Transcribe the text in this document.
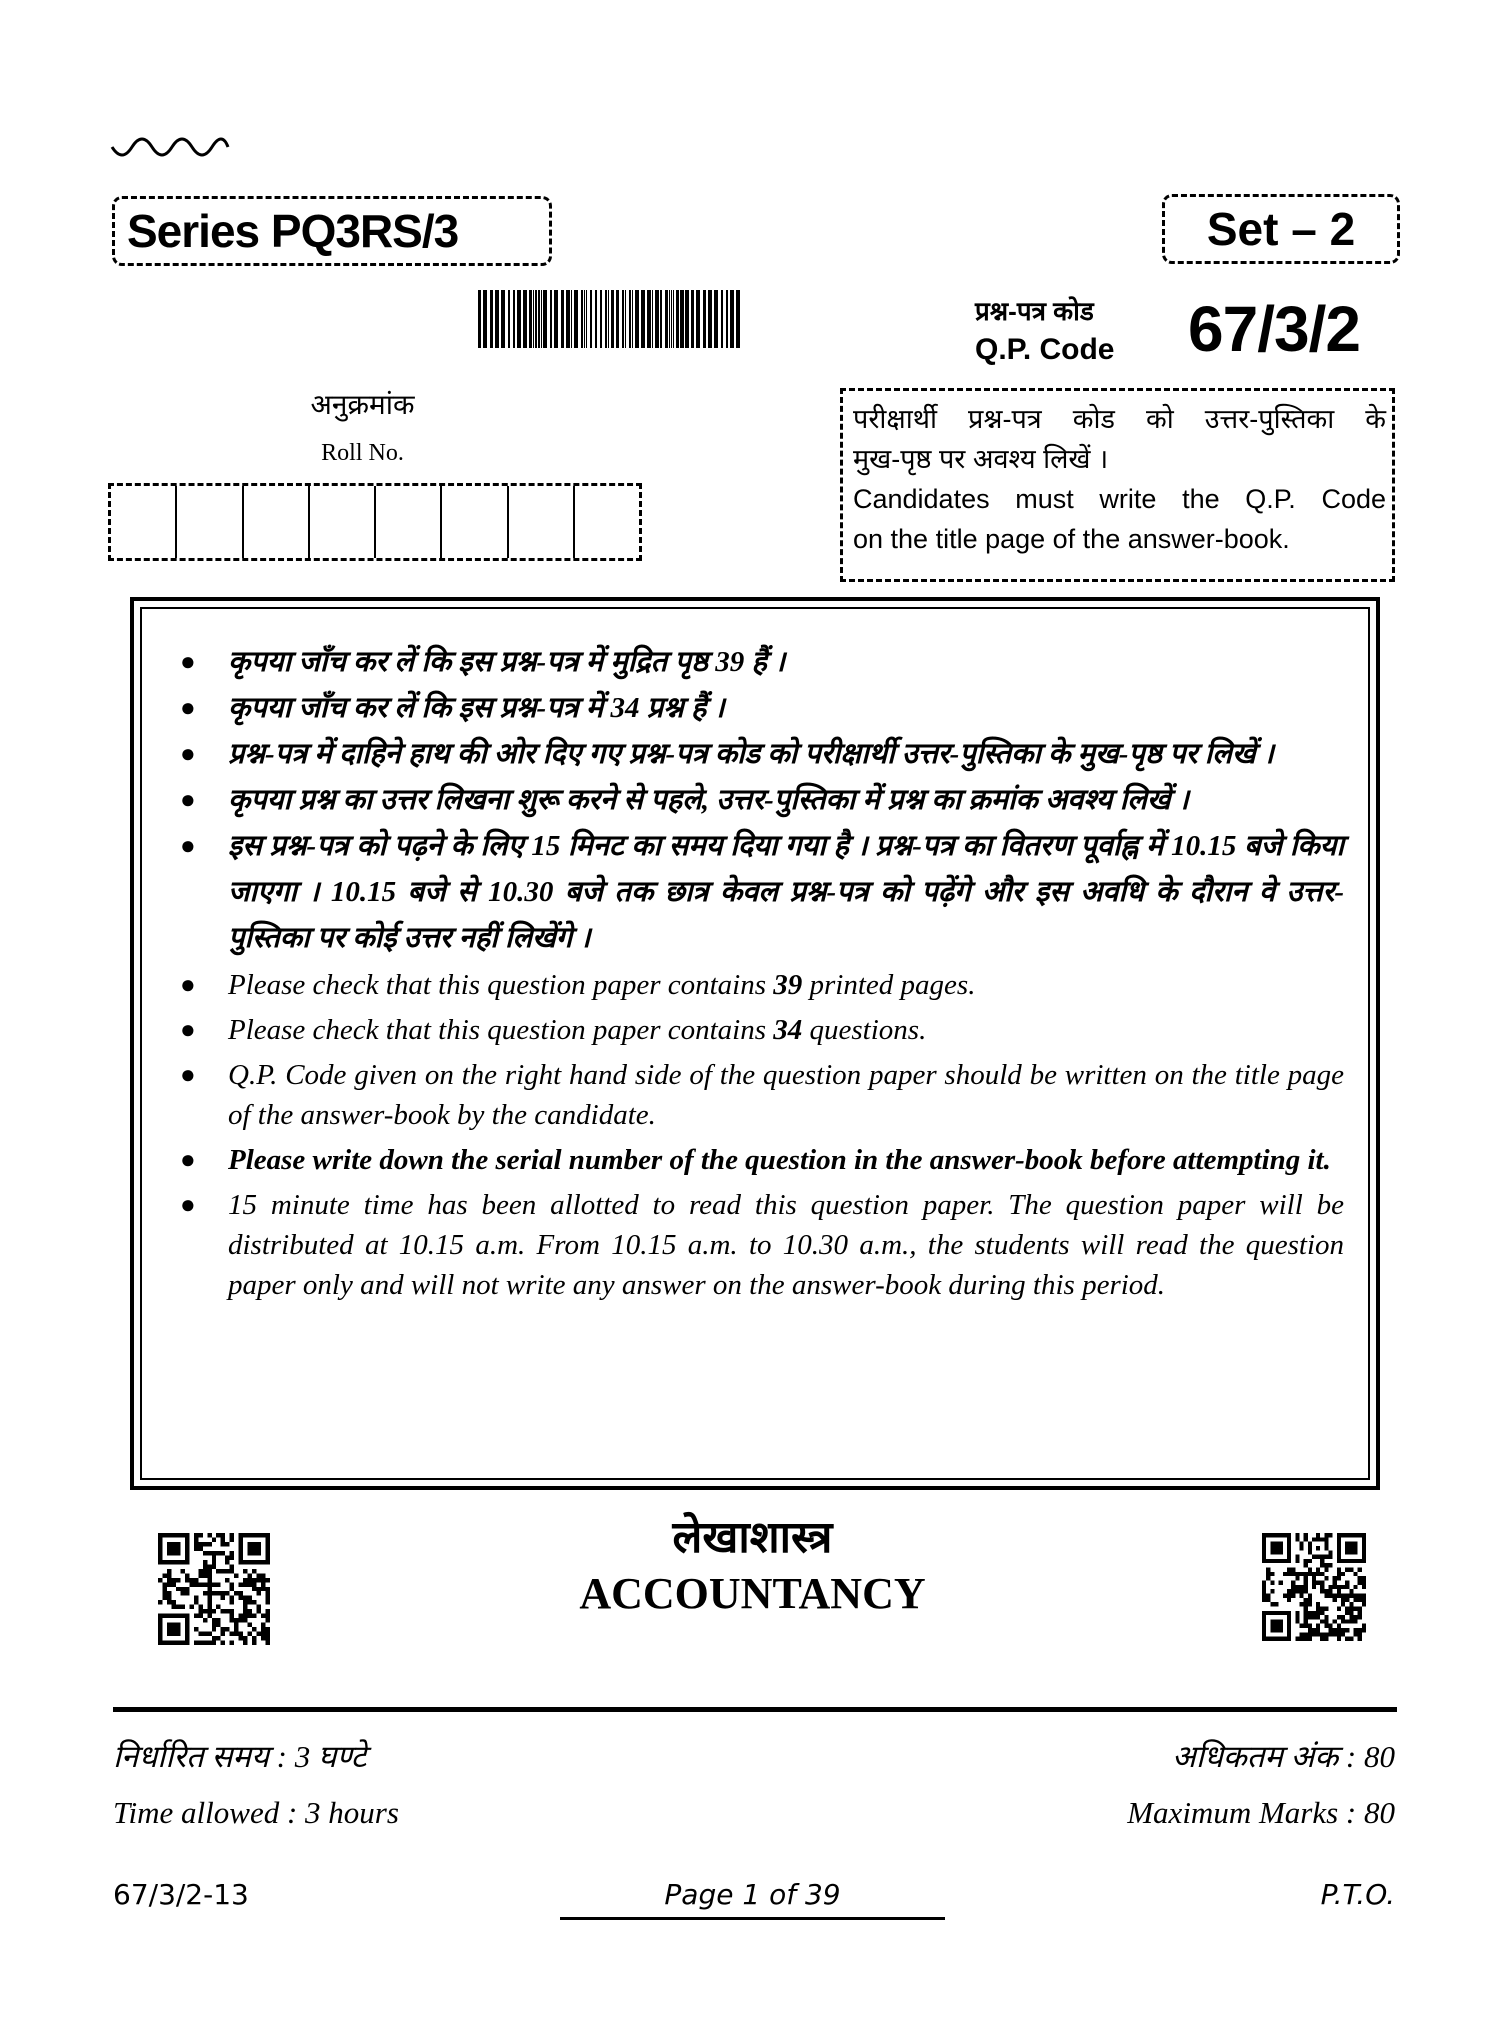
Series PQ3RS/3	Set – 2
प्रश्न-पत्र कोड
Q.P. Code 67/3/2
अनुक्रमांक
Roll No.
परीक्षार्थी प्रश्न-पत्र कोड को उत्तर-पुस्तिका के
मुख-पृष्ठ पर अवश्य लिखें ।
Candidates must write the Q.P. Code
on the title page of the answer-book.
● कृपया जाँच कर लें कि इस प्रश्न-पत्र में मुद्रित पृष्ठ 39 हैं ।
● कृपया जाँच कर लें कि इस प्रश्न-पत्र में 34 प्रश्न हैं ।
● प्रश्न-पत्र में दाहिने हाथ की ओर दिए गए प्रश्न-पत्र कोड को परीक्षार्थी उत्तर-पुस्तिका के मुख-पृष्ठ पर लिखें ।
● कृपया प्रश्न का उत्तर लिखना शुरू करने से पहले, उत्तर-पुस्तिका में प्रश्न का क्रमांक अवश्य लिखें ।
● इस प्रश्न-पत्र को पढ़ने के लिए 15 मिनट का समय दिया गया है । प्रश्न-पत्र का वितरण पूर्वाह्न में 10.15 बजे किया जाएगा । 10.15 बजे से 10.30 बजे तक छात्र केवल प्रश्न-पत्र को पढ़ेंगे और इस अवधि के दौरान वे उत्तर-पुस्तिका पर कोई उत्तर नहीं लिखेंगे ।
● Please check that this question paper contains 39 printed pages.
● Please check that this question paper contains 34 questions.
● Q.P. Code given on the right hand side of the question paper should be written on the title page of the answer-book by the candidate.
● Please write down the serial number of the question in the answer-book before attempting it.
● 15 minute time has been allotted to read this question paper. The question paper will be distributed at 10.15 a.m. From 10.15 a.m. to 10.30 a.m., the students will read the question paper only and will not write any answer on the answer-book during this period.
लेखाशास्त्र
ACCOUNTANCY
निर्धारित समय : 3 घण्टे	अधिकतम अंक : 80
Time allowed : 3 hours	Maximum Marks : 80
67/3/2-13	Page 1 of 39	P.T.O.
